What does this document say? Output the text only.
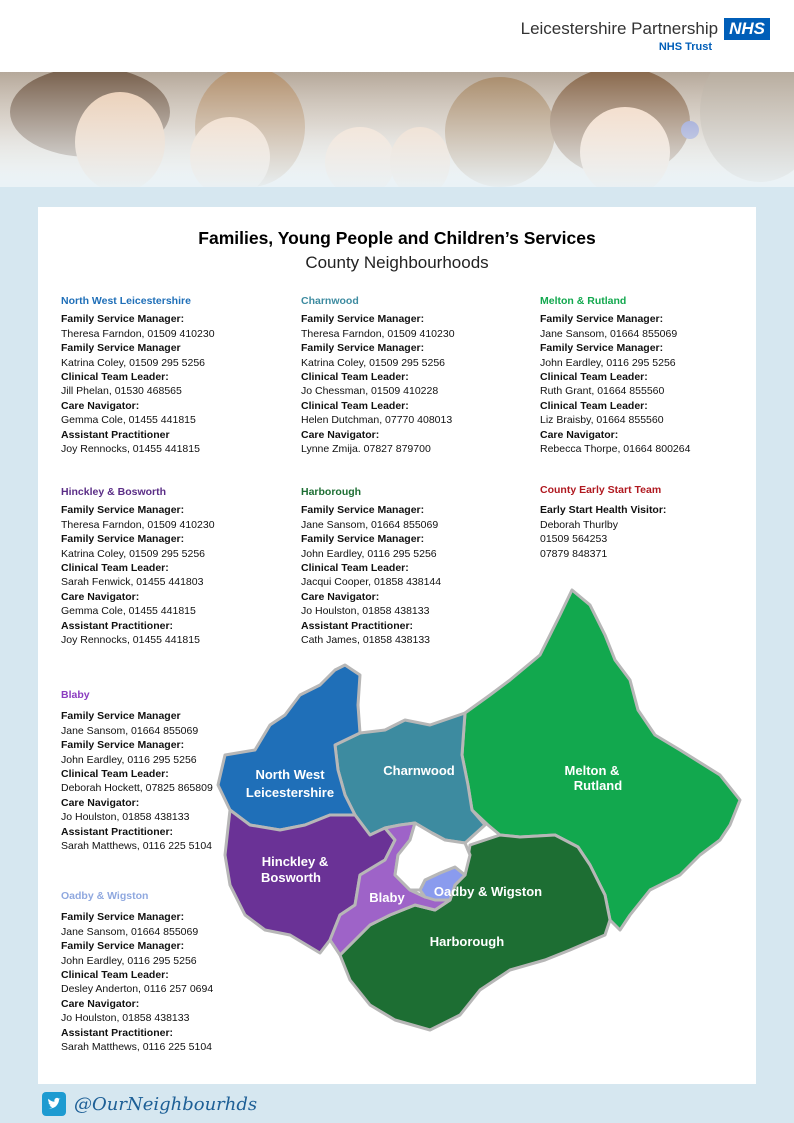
Leicestershire Partnership NHS
NHS Trust
Families, Young People and Children’s Services
County Neighbourhoods
North West Leicestershire
Family Service Manager:
Theresa Farndon, 01509 410230
Family Service Manager
Katrina Coley, 01509 295 5256
Clinical Team Leader:
Jill Phelan, 01530 468565
Care Navigator:
Gemma Cole, 01455 441815
Assistant Practitioner
Joy Rennocks, 01455 441815
Charnwood
Family Service Manager:
Theresa Farndon, 01509 410230
Family Service Manager:
Katrina Coley, 01509 295 5256
Clinical Team Leader:
Jo Chessman, 01509 410228
Clinical Team Leader:
Helen Dutchman, 07770 408013
Care Navigator:
Lynne Zmija. 07827 879700
Melton & Rutland
Family Service Manager:
Jane Sansom, 01664 855069
Family Service Manager:
John Eardley, 0116 295 5256
Clinical Team Leader:
Ruth Grant, 01664 855560
Clinical Team Leader:
Liz Braisby, 01664 855560
Care Navigator:
Rebecca Thorpe, 01664 800264
Hinckley & Bosworth
Family Service Manager:
Theresa Farndon, 01509 410230
Family Service Manager:
Katrina Coley, 01509 295 5256
Clinical Team Leader:
Sarah Fenwick, 01455 441803
Care Navigator:
Gemma Cole, 01455 441815
Assistant Practitioner:
Joy Rennocks, 01455 441815
Harborough
Family Service Manager:
Jane Sansom, 01664 855069
Family Service Manager:
John Eardley, 0116 295 5256
Clinical Team Leader:
Jacqui Cooper, 01858 438144
Care Navigator:
Jo Houlston, 01858 438133
Assistant Practitioner:
Cath James, 01858 438133
County Early Start Team
Early Start Health Visitor:
Deborah Thurlby
01509 564253
07879 848371
Blaby
Family Service Manager
Jane Sansom, 01664 855069
Family Service Manager:
John Eardley, 0116 295 5256
Clinical Team Leader:
Deborah Hockett, 07825 865809
Care Navigator:
Jo Houlston, 01858 438133
Assistant Practitioner:
Sarah Matthews, 0116 225 5104
Oadby & Wigston
Family Service Manager:
Jane Sansom, 01664 855069
Family Service Manager:
John Eardley, 0116 295 5256
Clinical Team Leader:
Desley Anderton, 0116 257 0694
Care Navigator:
Jo Houlston, 01858 438133
Assistant Practitioner:
Sarah Matthews, 0116 225 5104
North West
Leicestershire
Charnwood	Melton &
Rutland
Hinckley &
Bosworth
Blaby Oadby & Wigston
Harborough
@OurNeighbourhds
